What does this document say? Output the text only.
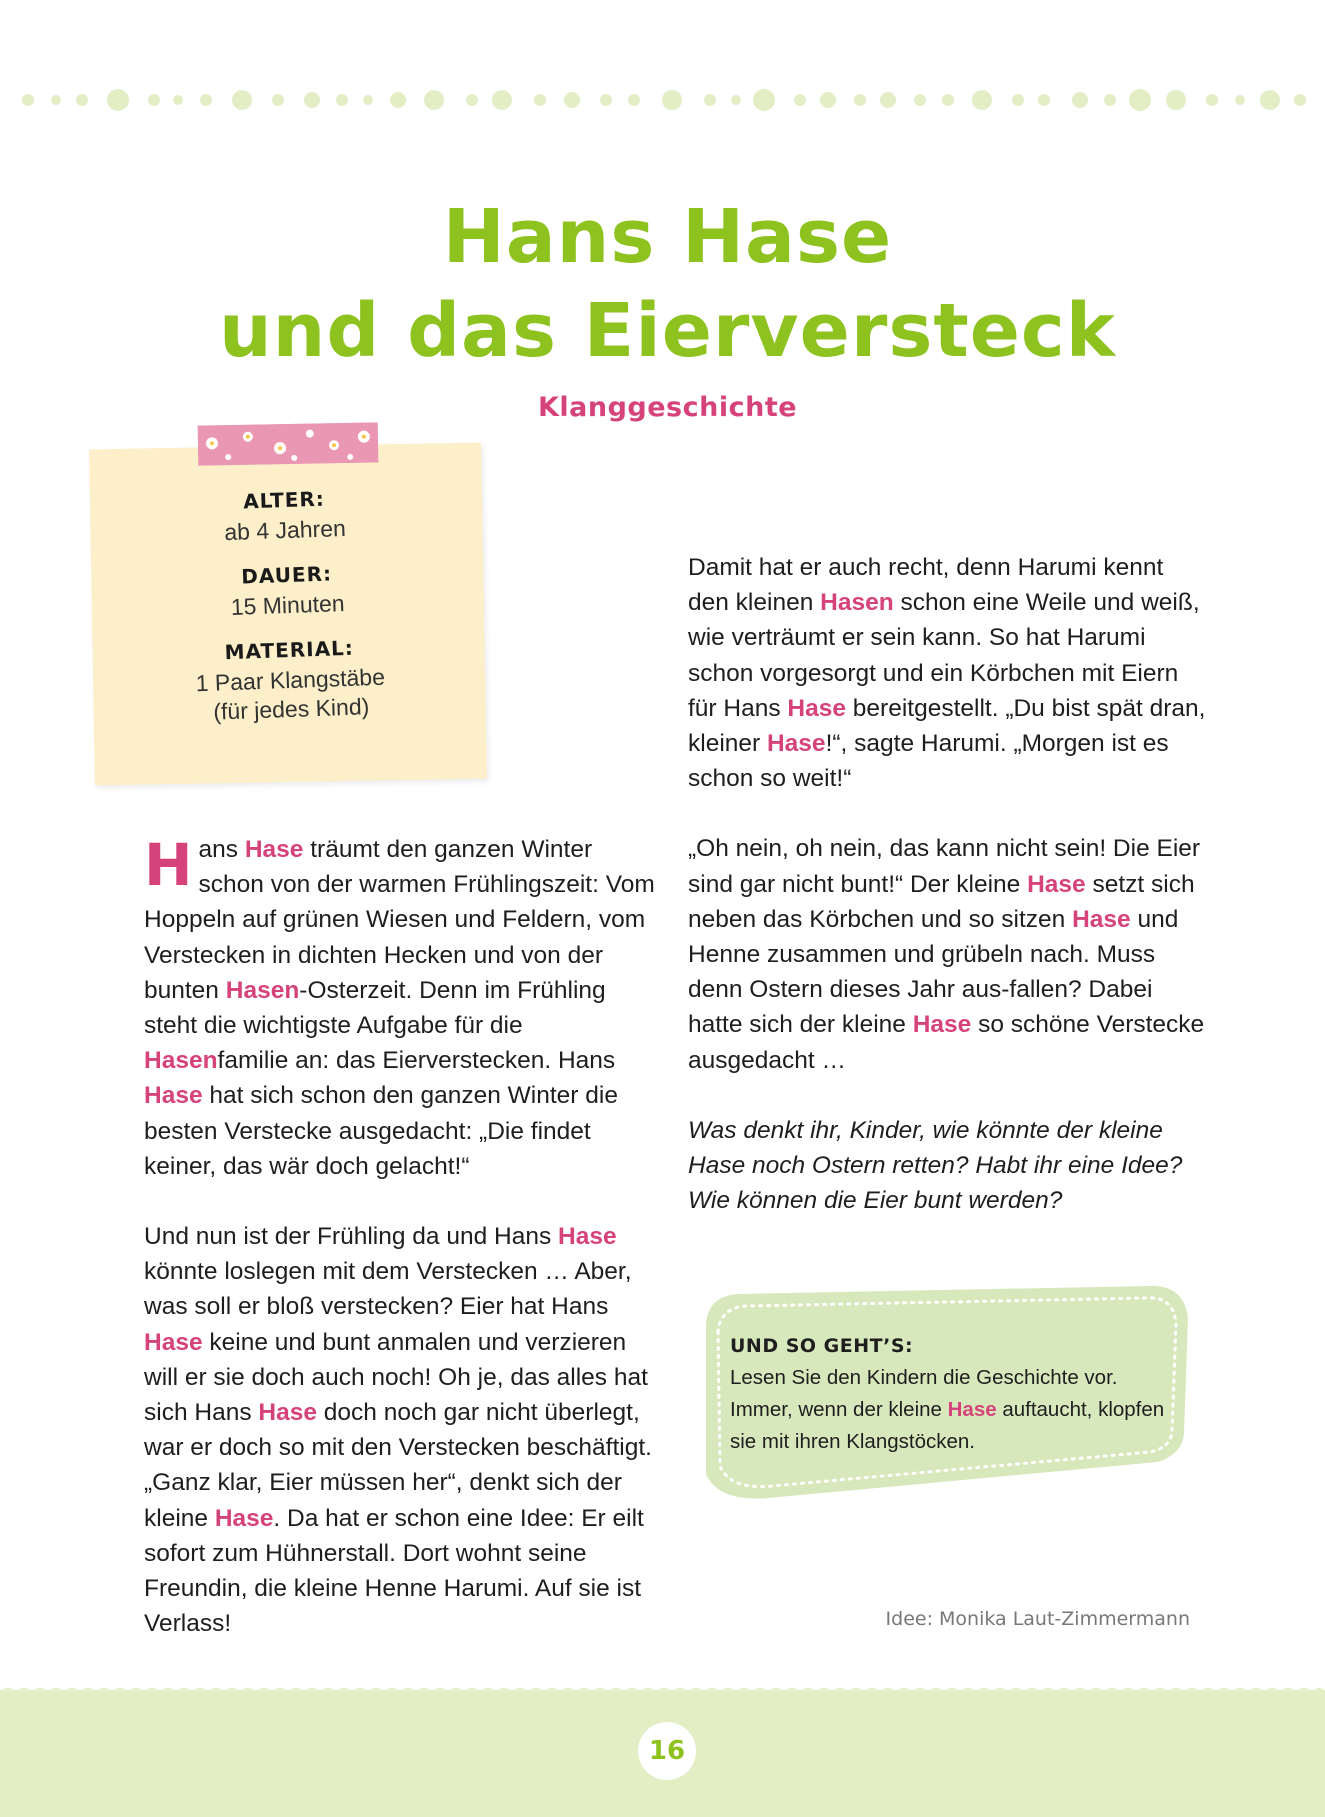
Hans Hase
und das Eierversteck
Klanggeschichte

ALTER:

ab 4 Jahren

DAUER:

15 Minuten

MATERIAL:

1 Paar Klangstäbe
(für jedes Kind)

Hans Hase träumt den ganzen Winter schon von der warmen Frühlingszeit: Vom Hoppeln auf grünen Wiesen und Feldern, vom Verstecken in dichten Hecken und von der bunten Hasen-Osterzeit. Denn im Frühling steht die wichtigste Aufgabe für die Hasenfamilie an: das Eierverstecken. Hans Hase hat sich schon den ganzen Winter die besten Verstecke ausgedacht: „Die findet keiner, das wär doch gelacht!“

Und nun ist der Frühling da und Hans Hase könnte loslegen mit dem Verstecken … Aber, was soll er bloß verstecken? Eier hat Hans Hase keine und bunt anmalen und verzieren will er sie doch auch noch! Oh je, das alles hat sich Hans Hase doch noch gar nicht überlegt, war er doch so mit den Verstecken beschäftigt. „Ganz klar, Eier müssen her“, denkt sich der kleine Hase. Da hat er schon eine Idee: Er eilt sofort zum Hühnerstall. Dort wohnt seine Freundin, die kleine Henne Harumi. Auf sie ist Verlass!

Damit hat er auch recht, denn Harumi kennt den kleinen Hasen schon eine Weile und weiß, wie verträumt er sein kann. So hat Harumi schon vorgesorgt und ein Körbchen mit Eiern für Hans Hase bereitgestellt. „Du bist spät dran, kleiner Hase!“, sagte Harumi. „Morgen ist es schon so weit!“

„Oh nein, oh nein, das kann nicht sein! Die Eier sind gar nicht bunt!“ Der kleine Hase setzt sich neben das Körbchen und so sitzen Hase und Henne zusammen und grübeln nach. Muss denn Ostern dieses Jahr aus-fallen? Dabei hatte sich der kleine Hase so schöne Verstecke ausgedacht …

Was denkt ihr, Kinder, wie könnte der kleine Hase noch Ostern retten? Habt ihr eine Idee? Wie können die Eier bunt werden?

UND SO GEHT’S:

Lesen Sie den Kindern die Geschichte vor. Immer, wenn der kleine Hase auftaucht, klopfen sie mit ihren Klangstöcken.

Idee: Monika Laut-Zimmermann
16
